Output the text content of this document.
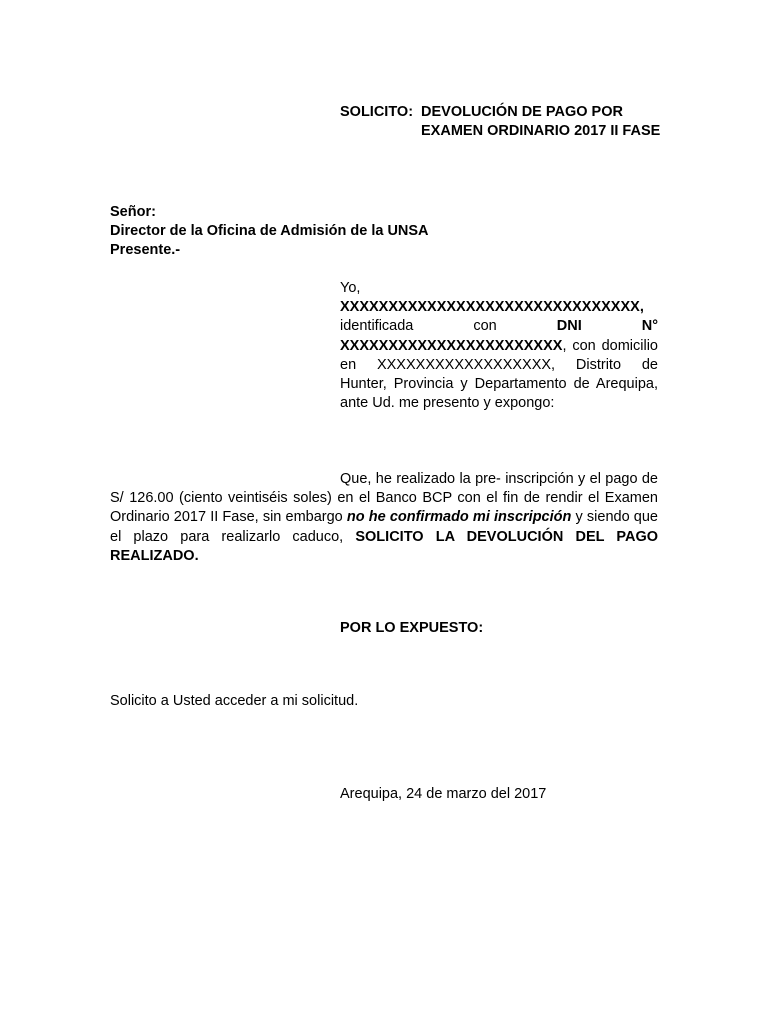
SOLICITO: DEVOLUCIÓN DE PAGO POR EXAMEN ORDINARIO 2017 II FASE
Señor:
Director de la Oficina de Admisión de la UNSA
Presente.-
Yo,
XXXXXXXXXXXXXXXXXXXXXXXXXXXXXXX, identificada con DNI N° XXXXXXXXXXXXXXXXXXXXXXX, con domicilio en XXXXXXXXXXXXXXXXXX, Distrito de Hunter, Provincia y Departamento de Arequipa, ante Ud. me presento y expongo:
Que, he realizado la pre- inscripción y el pago de S/ 126.00 (ciento veintiséis soles) en el Banco BCP con el fin de rendir el Examen Ordinario 2017 II Fase, sin embargo no he confirmado mi inscripción y siendo que el plazo para realizarlo caduco, SOLICITO LA DEVOLUCIÓN DEL PAGO REALIZADO.
POR LO EXPUESTO:
Solicito a Usted acceder a mi solicitud.
Arequipa, 24 de marzo del 2017
